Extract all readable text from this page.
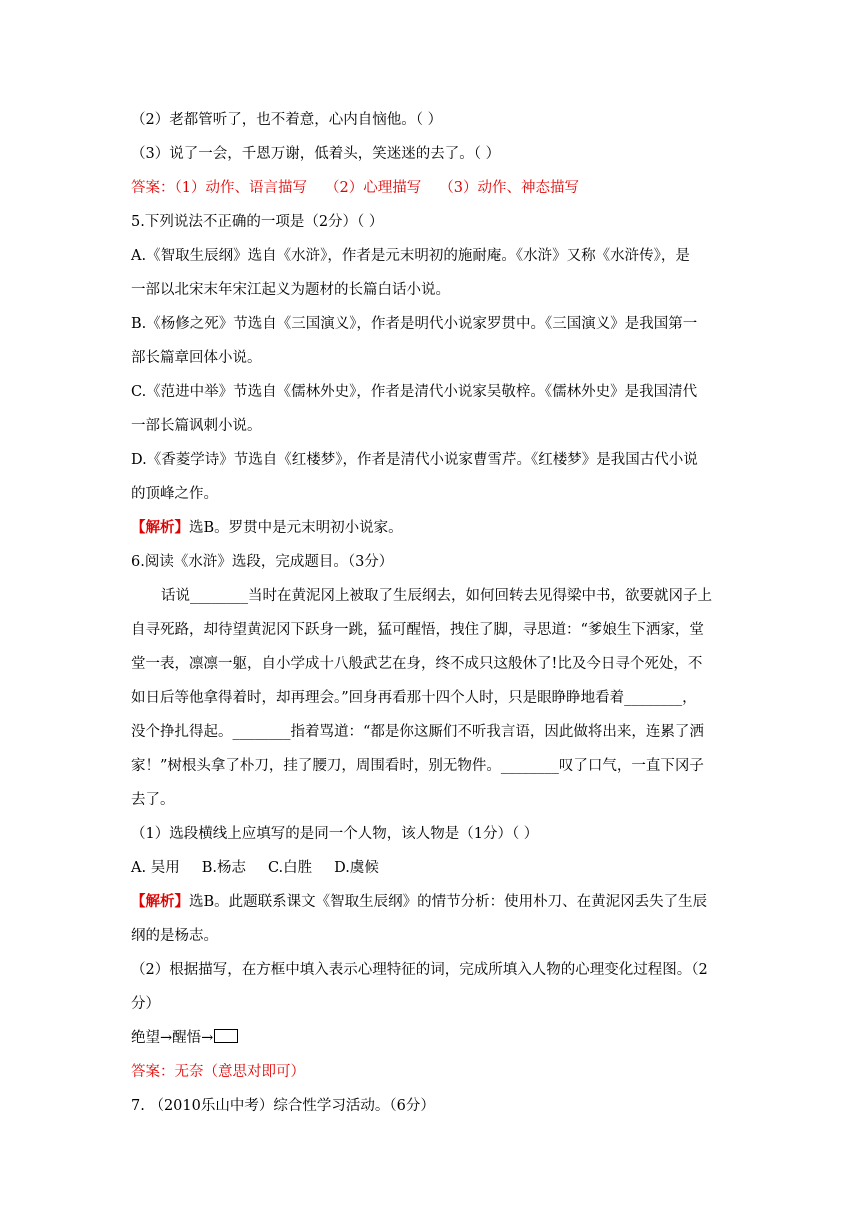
（2）老都管听了，也不着意，心内自恼他。（ ）
（3）说了一会，千恩万谢，低着头，笑迷迷的去了。（ ）
答案：（1）动作、语言描写 （2）心理描写 （3）动作、神态描写
5.下列说法不正确的一项是（2分）（ ）
A.《智取生辰纲》选自《水浒》，作者是元末明初的施耐庵。《水浒》又称《水浒传》，是
一部以北宋末年宋江起义为题材的长篇白话小说。
B.《杨修之死》节选自《三国演义》，作者是明代小说家罗贯中。《三国演义》是我国第一
部长篇章回体小说。
C.《范进中举》节选自《儒林外史》，作者是清代小说家吴敬梓。《儒林外史》是我国清代
一部长篇讽刺小说。
D.《香菱学诗》节选自《红楼梦》，作者是清代小说家曹雪芹。《红楼梦》是我国古代小说
的顶峰之作。
【解析】选B。罗贯中是元末明初小说家。
6.阅读《水浒》选段，完成题目。（3分）
话说________当时在黄泥冈上被取了生辰纲去，如何回转去见得梁中书，欲要就冈子上
自寻死路，却待望黄泥冈下跃身一跳，猛可醒悟，拽住了脚，寻思道：“爹娘生下洒家，堂
堂一表，凛凛一躯，自小学成十八般武艺在身，终不成只这般休了!比及今日寻个死处，不
如日后等他拿得着时，却再理会。”回身再看那十四个人时，只是眼睁睁地看着________，
没个挣扎得起。________指着骂道：“都是你这厮们不听我言语，因此做将出来，连累了洒
家！”树根头拿了朴刀，挂了腰刀，周围看时，别无物件。________叹了口气，一直下冈子
去了。
（1）选段横线上应填写的是同一个人物，该人物是（1分）（ ）
A. 吴用 B.杨志 C.白胜 D.虞候
【解析】选B。此题联系课文《智取生辰纲》的情节分析：使用朴刀、在黄泥冈丢失了生辰
纲的是杨志。
（2）根据描写，在方框中填入表示心理特征的词，完成所填入人物的心理变化过程图。（2
分）
绝望→醒悟→
答案：无奈（意思对即可）
7. （2010乐山中考）综合性学习活动。（6分）
